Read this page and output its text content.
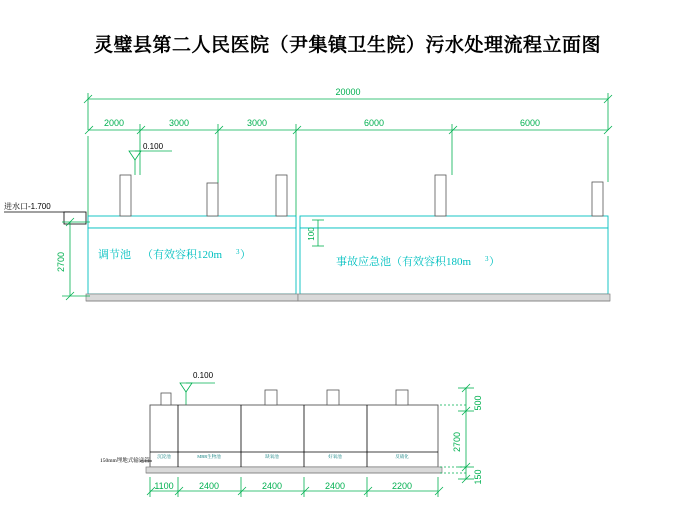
灵璧县第二人民医院（尹集镇卫生院）污水处理流程立面图
20000
2000	3000	3000	6000	6000
0.100
进水口-1.700
2700
100
调节池 （有效容积120m 3 ）
事故应急池 （有效容积180m 3 ）
0.100
150mm埋地式输送管
沉淀池	MBR生物池	缺氧池	好氧池	反硝化
1100	2400	2400	2400	2200
500
2700
150
